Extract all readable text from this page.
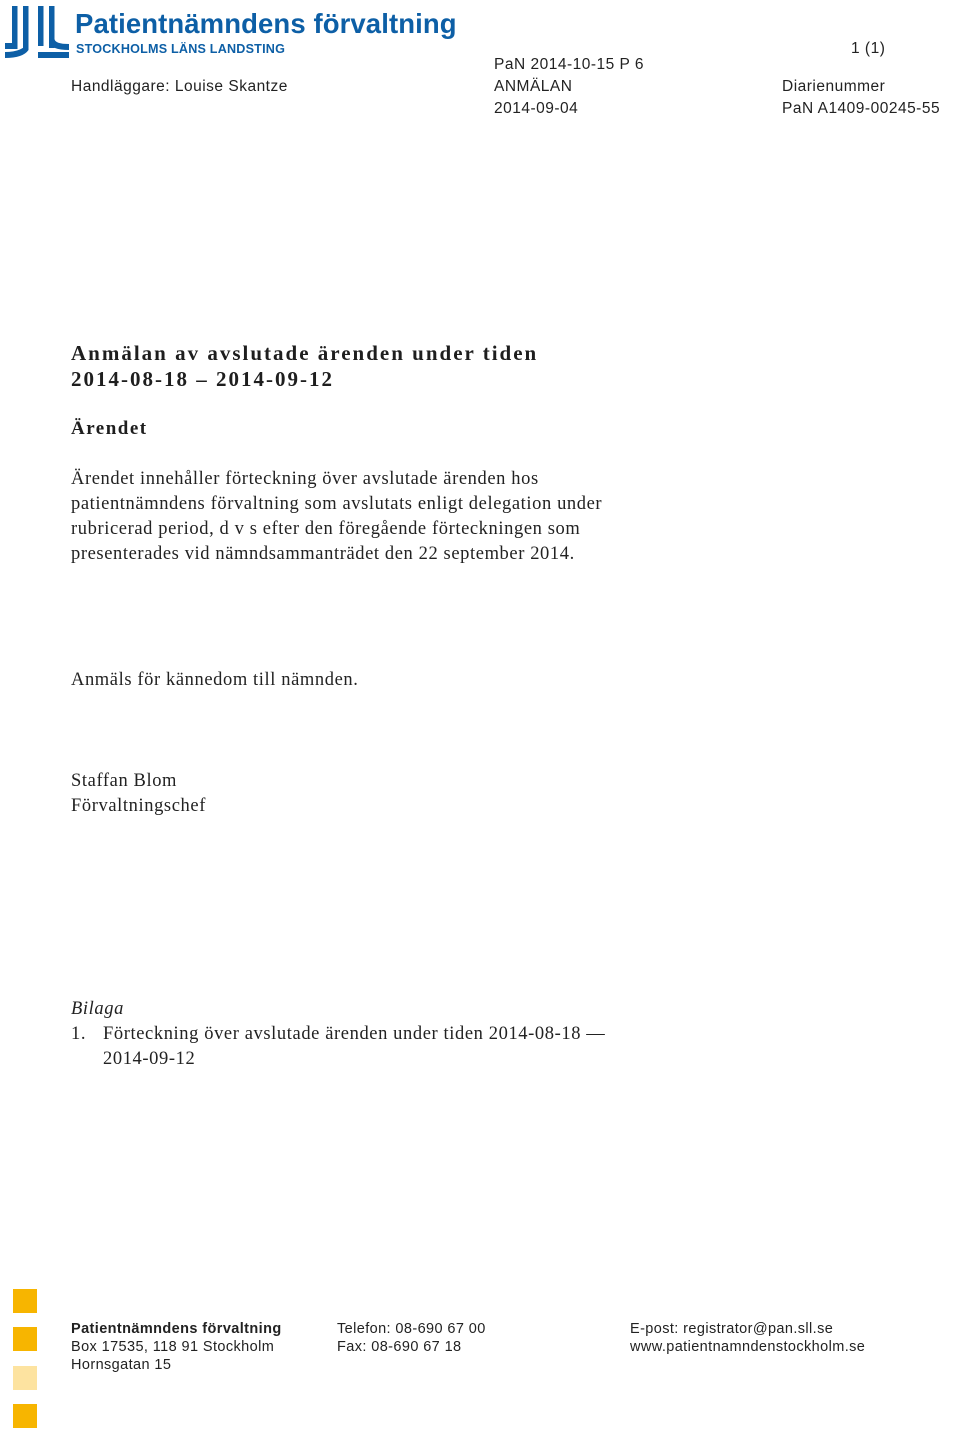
Patientnämndens förvaltning
STOCKHOLMS LÄNS LANDSTING	1 (1)
Handläggare: Louise Skantze
PaN 2014-10-15 P 6
ANMÄLAN
2014-09-04
Diarienummer
PaN A1409-00245-55
Anmälan av avslutade ärenden under tiden
2014-08-18 – 2014-09-12
Ärendet
Ärendet innehåller förteckning över avslutade ärenden hos
patientnämndens förvaltning som avslutats enligt delegation under
rubricerad period, d v s efter den föregående förteckningen som
presenterades vid nämndsammanträdet den 22 september 2014.
Anmäls för kännedom till nämnden.
Staffan Blom
Förvaltningschef
Bilaga
1. Förteckning över avslutade ärenden under tiden 2014-08-18 —
2014-09-12
Patientnämndens förvaltning
Box 17535, 118 91 Stockholm
Hornsgatan 15
Telefon: 08-690 67 00
Fax: 08-690 67 18
E-post: registrator@pan.sll.se
www.patientnamndenstockholm.se
